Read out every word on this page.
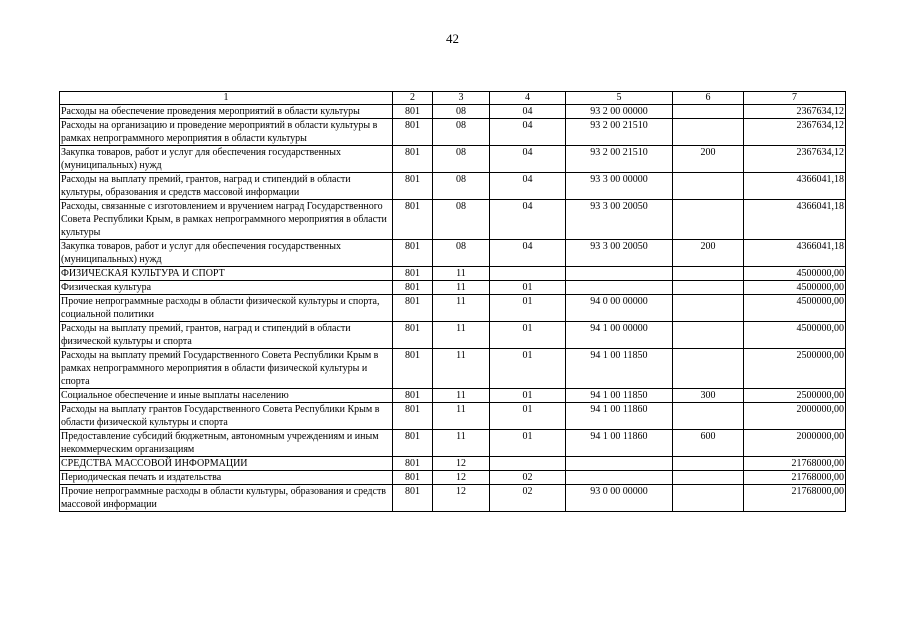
42
1	2	3	4	5	6	7
Расходы на обеспечение проведения мероприятий в области культуры	801	08	04	93 2 00 00000		2367634,12
Расходы на организацию и проведение мероприятий в области культуры в рамках непрограммного мероприятия в области культуры	801	08	04	93 2 00 21510		2367634,12
Закупка товаров, работ и услуг для обеспечения государственных (муниципальных) нужд	801	08	04	93 2 00 21510	200	2367634,12
Расходы на выплату премий, грантов, наград и стипендий в области культуры, образования и средств массовой информации	801	08	04	93 3 00 00000		4366041,18
Расходы, связанные с изготовлением и вручением наград Государственного Совета Республики Крым, в рамках непрограммного мероприятия в области культуры	801	08	04	93 3 00 20050		4366041,18
Закупка товаров, работ и услуг для обеспечения государственных (муниципальных) нужд	801	08	04	93 3 00 20050	200	4366041,18
ФИЗИЧЕСКАЯ КУЛЬТУРА И СПОРТ	801	11				4500000,00
Физическая культура	801	11	01			4500000,00
Прочие непрограммные расходы в области физической культуры и спорта, социальной политики	801	11	01	94 0 00 00000		4500000,00
Расходы на выплату премий, грантов, наград и стипендий в области физической культуры и спорта	801	11	01	94 1 00 00000		4500000,00
Расходы на выплату премий Государственного Совета Республики Крым в рамках непрограммного мероприятия в области физической культуры и спорта	801	11	01	94 1 00 11850		2500000,00
Социальное обеспечение и иные выплаты населению	801	11	01	94 1 00 11850	300	2500000,00
Расходы на выплату грантов Государственного Совета Республики Крым в области физической культуры и спорта	801	11	01	94 1 00 11860		2000000,00
Предоставление субсидий бюджетным, автономным учреждениям и иным некоммерческим организациям	801	11	01	94 1 00 11860	600	2000000,00
СРЕДСТВА МАССОВОЙ ИНФОРМАЦИИ	801	12				21768000,00
Периодическая печать и издательства	801	12	02			21768000,00
Прочие непрограммные расходы в области культуры, образования и средств массовой информации	801	12	02	93 0 00 00000		21768000,00
